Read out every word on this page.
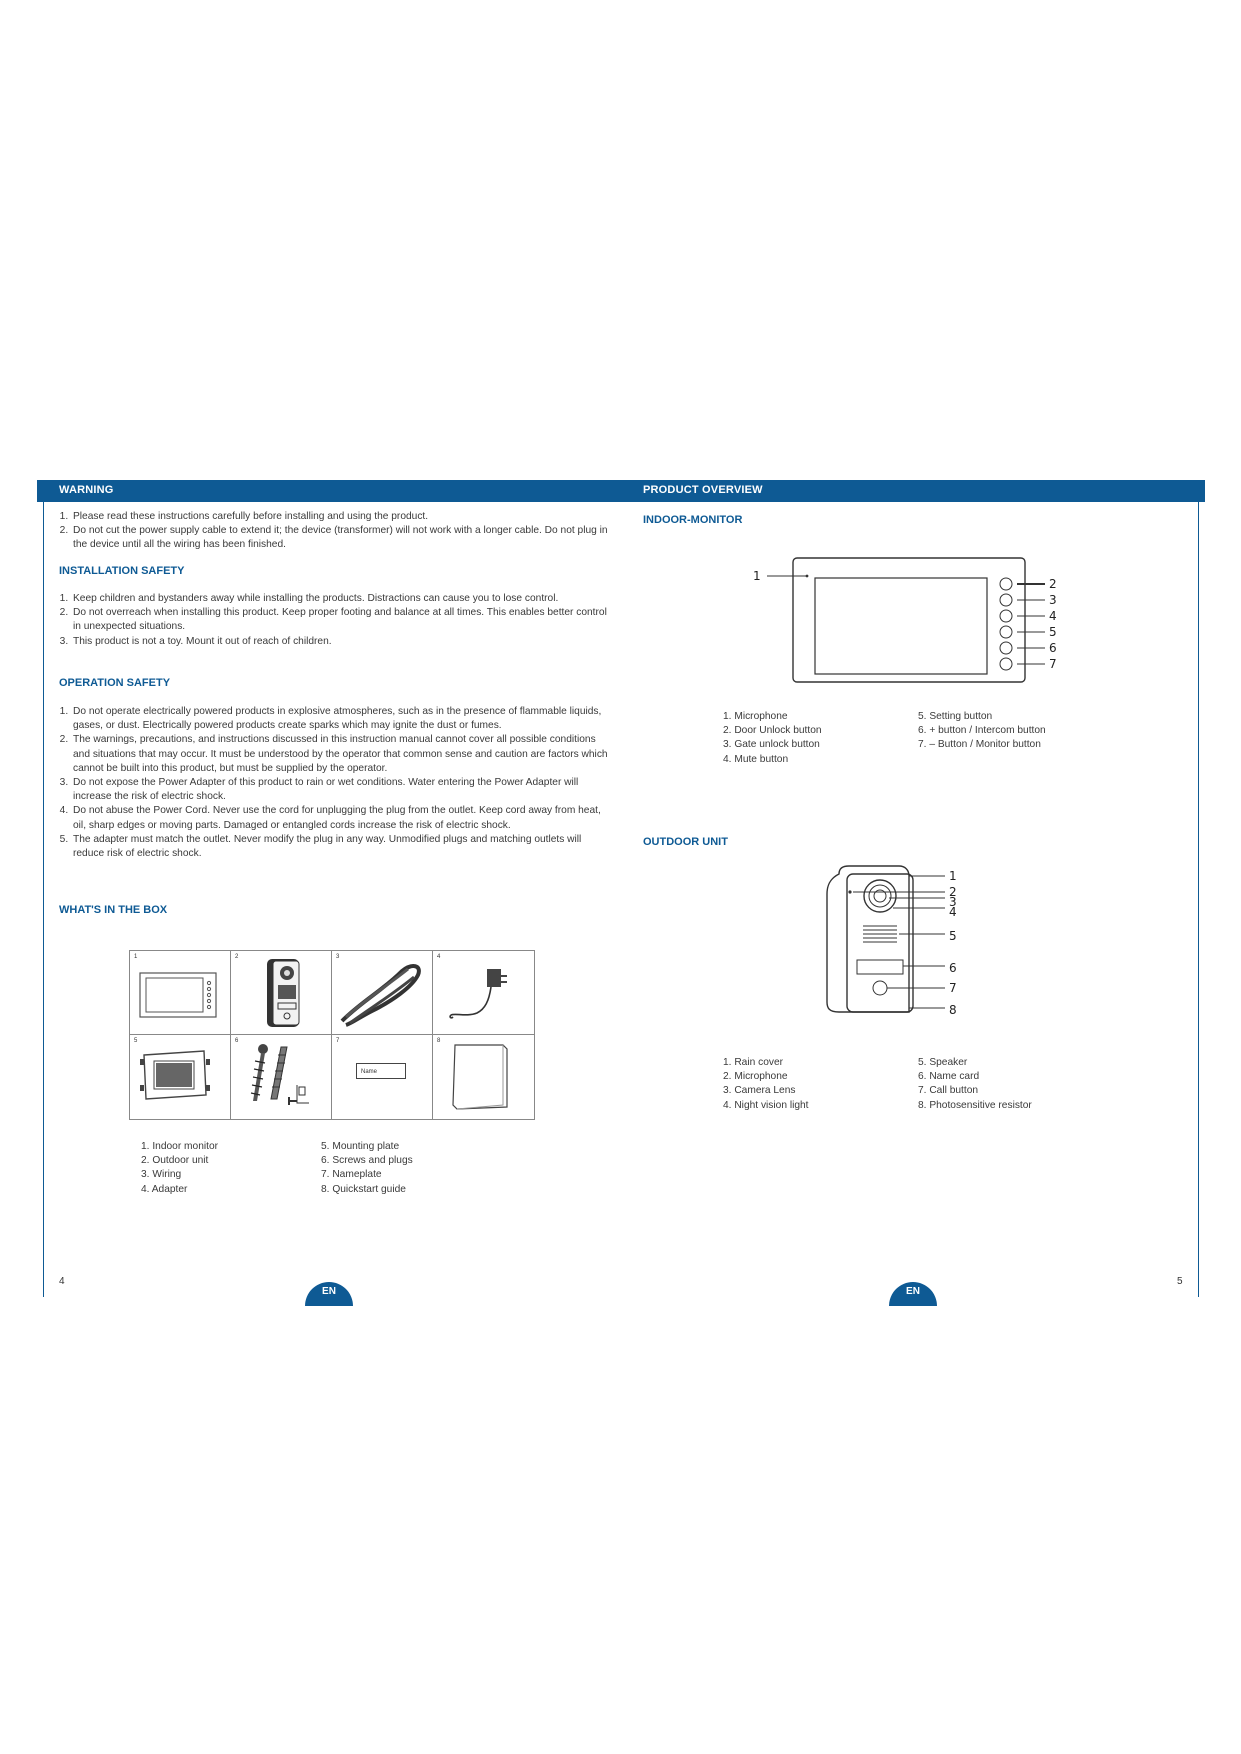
WARNING	PRODUCT OVERVIEW
1. Please read these instructions carefully before installing and using the product.
2. Do not cut the power supply cable to extend it; the device (transformer) will not work with a longer cable. Do not plug in the device until all the wiring has been finished.
INSTALLATION SAFETY
1. Keep children and bystanders away while installing the products. Distractions can cause you to lose control.
2. Do not overreach when installing this product. Keep proper footing and balance at all times. This enables better control in unexpected situations.
3. This product is not a toy. Mount it out of reach of children.
OPERATION SAFETY
1. Do not operate electrically powered products in explosive atmospheres, such as in the presence of flammable liquids, gases, or dust. Electrically powered products create sparks which may ignite the dust or fumes.
2. The warnings, precautions, and instructions discussed in this instruction manual cannot cover all possible conditions and situations that may occur. It must be understood by the operator that common sense and caution are factors which cannot be built into this product, but must be supplied by the operator.
3. Do not expose the Power Adapter of this product to rain or wet conditions. Water entering the Power Adapter will increase the risk of electric shock.
4. Do not abuse the Power Cord. Never use the cord for unplugging the plug from the outlet. Keep cord away from heat, oil, sharp edges or moving parts. Damaged or entangled cords increase the risk of electric shock.
5. The adapter must match the outlet. Never modify the plug in any way. Unmodified plugs and matching outlets will reduce risk of electric shock.
WHAT'S IN THE BOX
1	2	3	4
5	6	7
Name
8
1. Indoor monitor
2. Outdoor unit
3. Wiring
4. Adapter
5. Mounting plate
6. Screws and plugs
7. Nameplate
8. Quickstart guide
4
EN
INDOOR-MONITOR
1
2
3
4
5
6
7
1. Microphone
2. Door Unlock button
3. Gate unlock button
4. Mute button
5. Setting button
6. + button / Intercom button
7. – Button / Monitor button
OUTDOOR UNIT
1
2
3
4
5
6
7
8
1. Rain cover
2. Microphone
3. Camera Lens
4. Night vision light
5. Speaker
6. Name card
7. Call button
8. Photosensitive resistor
5
EN
